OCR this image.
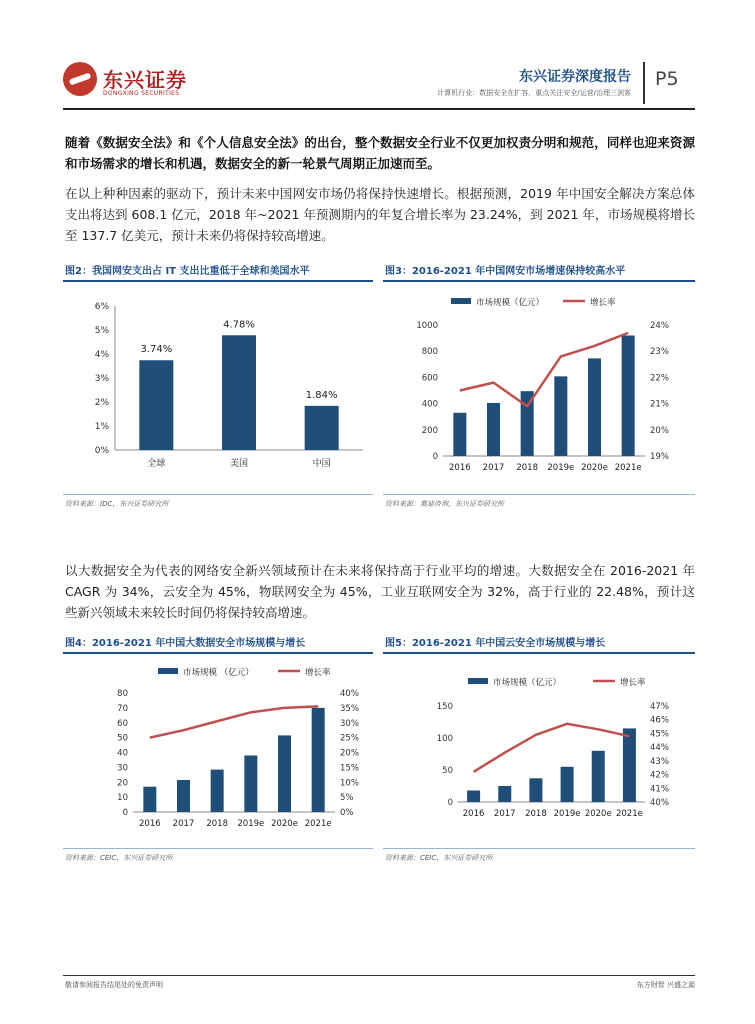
东兴证券
DONGXING SECURITIES
东兴证券深度报告
计算机行业：数据安全在扩容，重点关注安全/运营/治理三剑客
P5
随着《数据安全法》和《个人信息安全法》的出台，整个数据安全行业不仅更加权责分明和规范，同样也迎来资源和市场需求的增长和机遇，数据安全的新一轮景气周期正加速而至。
在以上种种因素的驱动下，预计未来中国网安市场仍将保持快速增长。根据预测，2019 年中国安全解决方案总体支出将达到 608.1 亿元，2018 年~2021 年预测期内的年复合增长率为 23.24%，到 2021 年，市场规模将增长至 137.7 亿美元，预计未来仍将保持较高增速。
图2：我国网安支出占 IT 支出比重低于全球和美国水平
0%
1%
2%
3%
4%
5%
6%
3.74%
全球
4.78%
美国
1.84%
中国
资料来源：IDC，东兴证券研究所
图3：2016-2021 年中国网安市场增速保持较高水平
市场规模（亿元）	增长率
0
200
400
600
800
1000
19%
20%
21%
22%
23%
24%
2016 2017 2018 2019e 2020e 2021e
资料来源：赛迪咨询，东兴证券研究所
以大数据安全为代表的网络安全新兴领域预计在未来将保持高于行业平均的增速。大数据安全在 2016-2021 年 CAGR 为 34%，云安全为 45%，物联网安全为 45%，工业互联网安全为 32%，高于行业的 22.48%，预计这些新兴领域未来较长时间仍将保持较高增速。
图4：2016-2021 年中国大数据安全市场规模与增长
市场规模 （亿元）	增长率
0
10
20
30
40
50
60
70
80
0%
5%
10%
15%
20%
25%
30%
35%
40%
2016 2017 2018 2019e 2020e 2021e
资料来源：CEIC，东兴证券研究所
图5：2016-2021 年中国云安全市场规模与增长
市场规模（亿元）	增长率
0
50
100
150
40%
41%
42%
43%
44%
45%
46%
47%
2016 2017 2018 2019e 2020e 2021e
资料来源：CEIC，东兴证券研究所
敬请参阅报告结尾处的免责声明	东方财智 兴盛之源
